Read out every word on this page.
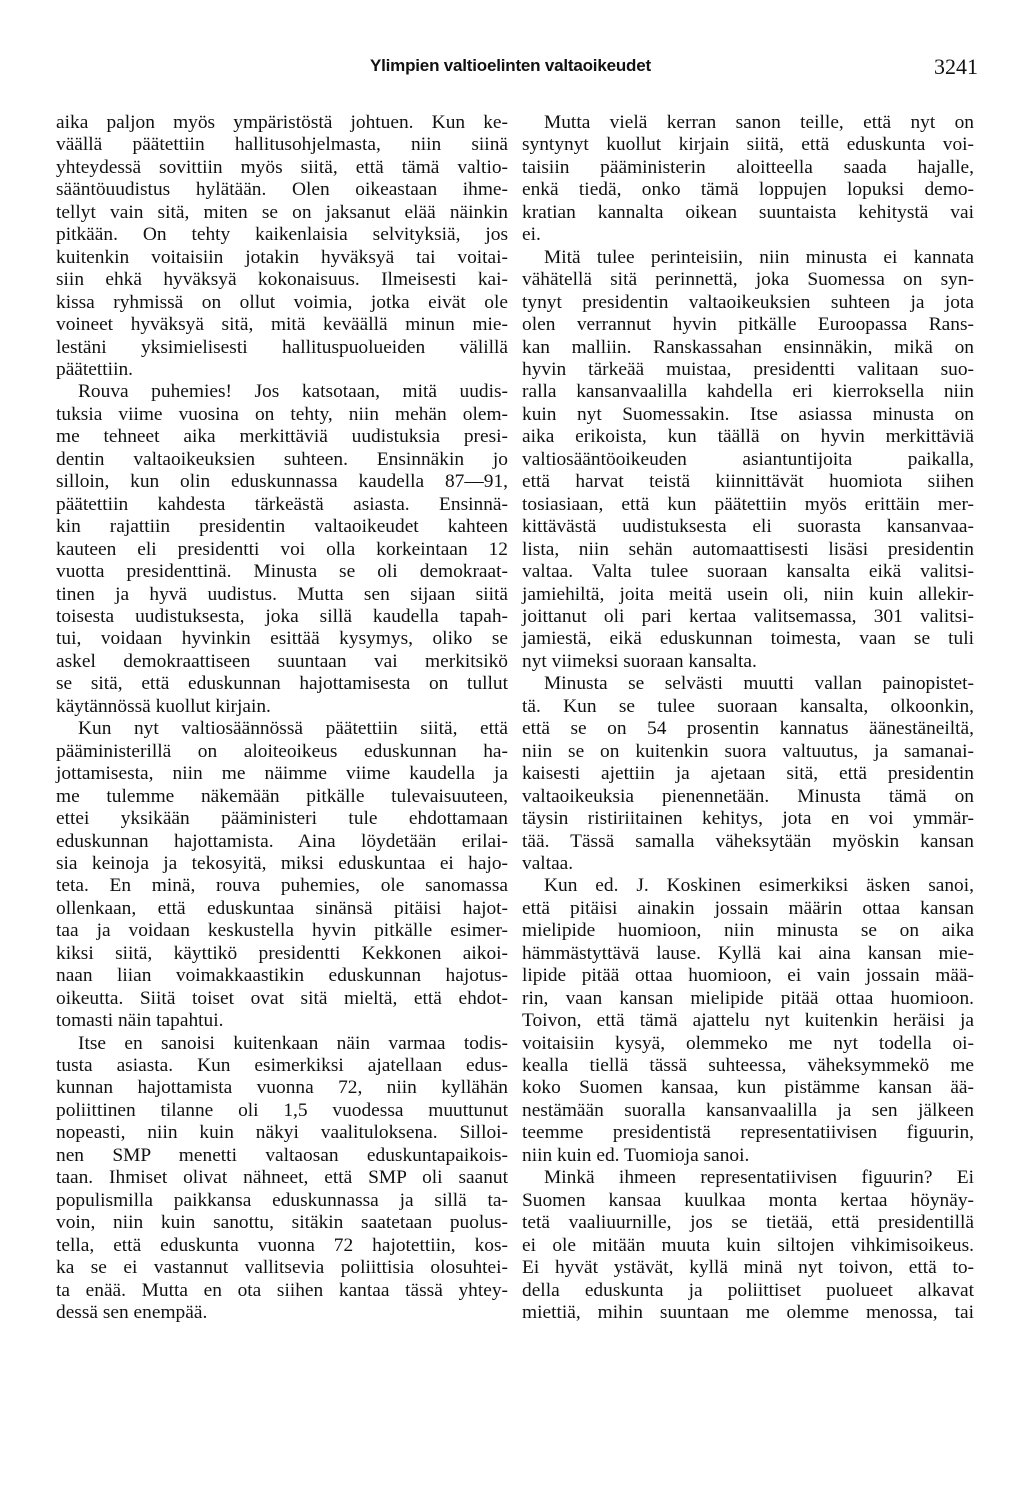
Ylimpien valtioelinten valtaoikeudet	3241

aika paljon myös ympäristöstä johtuen. Kun ke-
väällä päätettiin hallitusohjelmasta, niin siinä
yhteydessä sovittiin myös siitä, että tämä valtio-
sääntöuudistus hylätään. Olen oikeastaan ihme-
tellyt vain sitä, miten se on jaksanut elää näinkin
pitkään. On tehty kaikenlaisia selvityksiä, jos
kuitenkin voitaisiin jotakin hyväksyä tai voitai-
siin ehkä hyväksyä kokonaisuus. Ilmeisesti kai-
kissa ryhmissä on ollut voimia, jotka eivät ole
voineet hyväksyä sitä, mitä keväällä minun mie-
lestäni yksimielisesti hallituspuolueiden välillä
päätettiin.

Rouva puhemies! Jos katsotaan, mitä uudis-
tuksia viime vuosina on tehty, niin mehän olem-
me tehneet aika merkittäviä uudistuksia presi-
dentin valtaoikeuksien suhteen. Ensinnäkin jo
silloin, kun olin eduskunnassa kaudella 87—91,
päätettiin kahdesta tärkeästä asiasta. Ensinnä-
kin rajattiin presidentin valtaoikeudet kahteen
kauteen eli presidentti voi olla korkeintaan 12
vuotta presidenttinä. Minusta se oli demokraat-
tinen ja hyvä uudistus. Mutta sen sijaan siitä
toisesta uudistuksesta, joka sillä kaudella tapah-
tui, voidaan hyvinkin esittää kysymys, oliko se
askel demokraattiseen suuntaan vai merkitsikö
se sitä, että eduskunnan hajottamisesta on tullut
käytännössä kuollut kirjain.

Kun nyt valtiosäännössä päätettiin siitä, että
pääministerillä on aloiteoikeus eduskunnan ha-
jottamisesta, niin me näimme viime kaudella ja
me tulemme näkemään pitkälle tulevaisuuteen,
ettei yksikään pääministeri tule ehdottamaan
eduskunnan hajottamista. Aina löydetään erilai-
sia keinoja ja tekosyitä, miksi eduskuntaa ei hajo-
teta. En minä, rouva puhemies, ole sanomassa
ollenkaan, että eduskuntaa sinänsä pitäisi hajot-
taa ja voidaan keskustella hyvin pitkälle esimer-
kiksi siitä, käyttikö presidentti Kekkonen aikoi-
naan liian voimakkaastikin eduskunnan hajotus-
oikeutta. Siitä toiset ovat sitä mieltä, että ehdot-
tomasti näin tapahtui.

Itse en sanoisi kuitenkaan näin varmaa todis-
tusta asiasta. Kun esimerkiksi ajatellaan edus-
kunnan hajottamista vuonna 72, niin kyllähän
poliittinen tilanne oli 1,5 vuodessa muuttunut
nopeasti, niin kuin näkyi vaalituloksena. Silloi-
nen SMP menetti valtaosan eduskuntapaikois-
taan. Ihmiset olivat nähneet, että SMP oli saanut
populismilla paikkansa eduskunnassa ja sillä ta-
voin, niin kuin sanottu, sitäkin saatetaan puolus-
tella, että eduskunta vuonna 72 hajotettiin, kos-
ka se ei vastannut vallitsevia poliittisia olosuhtei-
ta enää. Mutta en ota siihen kantaa tässä yhtey-
dessä sen enempää.

Mutta vielä kerran sanon teille, että nyt on
syntynyt kuollut kirjain siitä, että eduskunta voi-
taisiin pääministerin aloitteella saada hajalle,
enkä tiedä, onko tämä loppujen lopuksi demo-
kratian kannalta oikean suuntaista kehitystä vai
ei.

Mitä tulee perinteisiin, niin minusta ei kannata
vähätellä sitä perinnettä, joka Suomessa on syn-
tynyt presidentin valtaoikeuksien suhteen ja jota
olen verrannut hyvin pitkälle Euroopassa Rans-
kan malliin. Ranskassahan ensinnäkin, mikä on
hyvin tärkeää muistaa, presidentti valitaan suo-
ralla kansanvaalilla kahdella eri kierroksella niin
kuin nyt Suomessakin. Itse asiassa minusta on
aika erikoista, kun täällä on hyvin merkittäviä
valtiosääntöoikeuden asiantuntijoita paikalla,
että harvat teistä kiinnittävät huomiota siihen
tosiasiaan, että kun päätettiin myös erittäin mer-
kittävästä uudistuksesta eli suorasta kansanvaa-
lista, niin sehän automaattisesti lisäsi presidentin
valtaa. Valta tulee suoraan kansalta eikä valitsi-
jamiehiltä, joita meitä usein oli, niin kuin allekir-
joittanut oli pari kertaa valitsemassa, 301 valitsi-
jamiestä, eikä eduskunnan toimesta, vaan se tuli
nyt viimeksi suoraan kansalta.

Minusta se selvästi muutti vallan painopistet-
tä. Kun se tulee suoraan kansalta, olkoonkin,
että se on 54 prosentin kannatus äänestäneiltä,
niin se on kuitenkin suora valtuutus, ja samanai-
kaisesti ajettiin ja ajetaan sitä, että presidentin
valtaoikeuksia pienennetään. Minusta tämä on
täysin ristiriitainen kehitys, jota en voi ymmär-
tää. Tässä samalla väheksytään myöskin kansan
valtaa.

Kun ed. J. Koskinen esimerkiksi äsken sanoi,
että pitäisi ainakin jossain määrin ottaa kansan
mielipide huomioon, niin minusta se on aika
hämmästyttävä lause. Kyllä kai aina kansan mie-
lipide pitää ottaa huomioon, ei vain jossain mää-
rin, vaan kansan mielipide pitää ottaa huomioon.
Toivon, että tämä ajattelu nyt kuitenkin heräisi ja
voitaisiin kysyä, olemmeko me nyt todella oi-
kealla tiellä tässä suhteessa, väheksymmekö me
koko Suomen kansaa, kun pistämme kansan ää-
nestämään suoralla kansanvaalilla ja sen jälkeen
teemme presidentistä representatiivisen figuurin,
niin kuin ed. Tuomioja sanoi.

Minkä ihmeen representatiivisen figuurin? Ei
Suomen kansaa kuulkaa monta kertaa höynäy-
tetä vaaliuurnille, jos se tietää, että presidentillä
ei ole mitään muuta kuin siltojen vihkimisoikeus.
Ei hyvät ystävät, kyllä minä nyt toivon, että to-
della eduskunta ja poliittiset puolueet alkavat
miettiä, mihin suuntaan me olemme menossa, tai
